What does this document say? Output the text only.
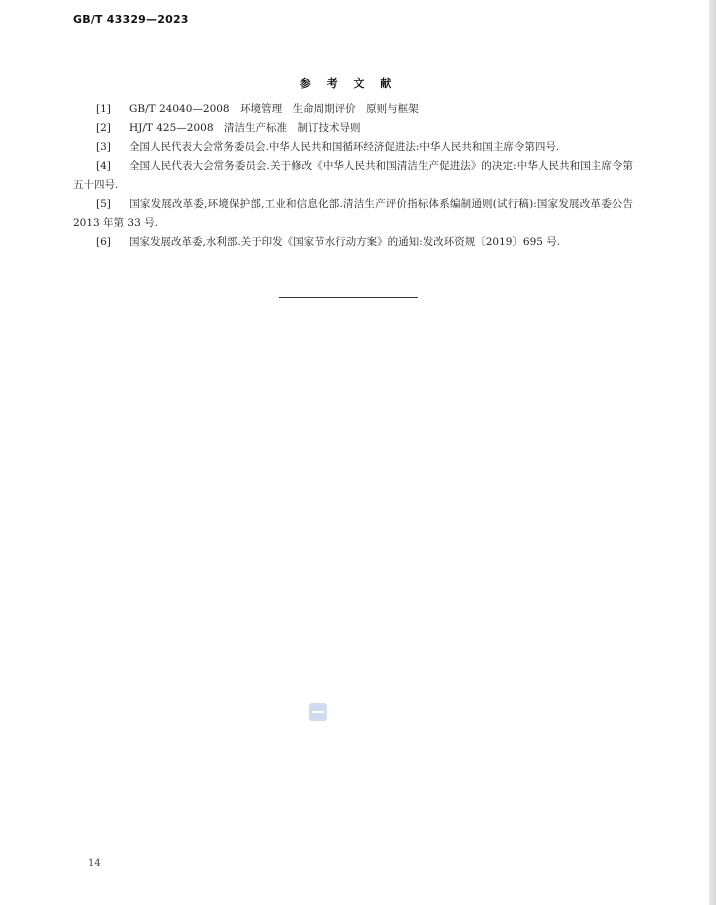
GB/T 43329—2023
参 考 文 献

[1] GB/T 24040—2008　环境管理　生命周期评价　原则与框架

[2] HJ/T 425—2008　清洁生产标准　制订技术导则

[3] 全国人民代表大会常务委员会.中华人民共和国循环经济促进法:中华人民共和国主席令第四号.

[4] 全国人民代表大会常务委员会.关于修改《中华人民共和国清洁生产促进法》的决定:中华人民共和国主席令第五十四号.

[5] 国家发展改革委,环境保护部,工业和信息化部.清洁生产评价指标体系编制通则(试行稿):国家发展改革委公告 2013 年第 33 号.

[6] 国家发展改革委,水利部.关于印发《国家节水行动方案》的通知:发改环资规〔2019〕695 号.

14
